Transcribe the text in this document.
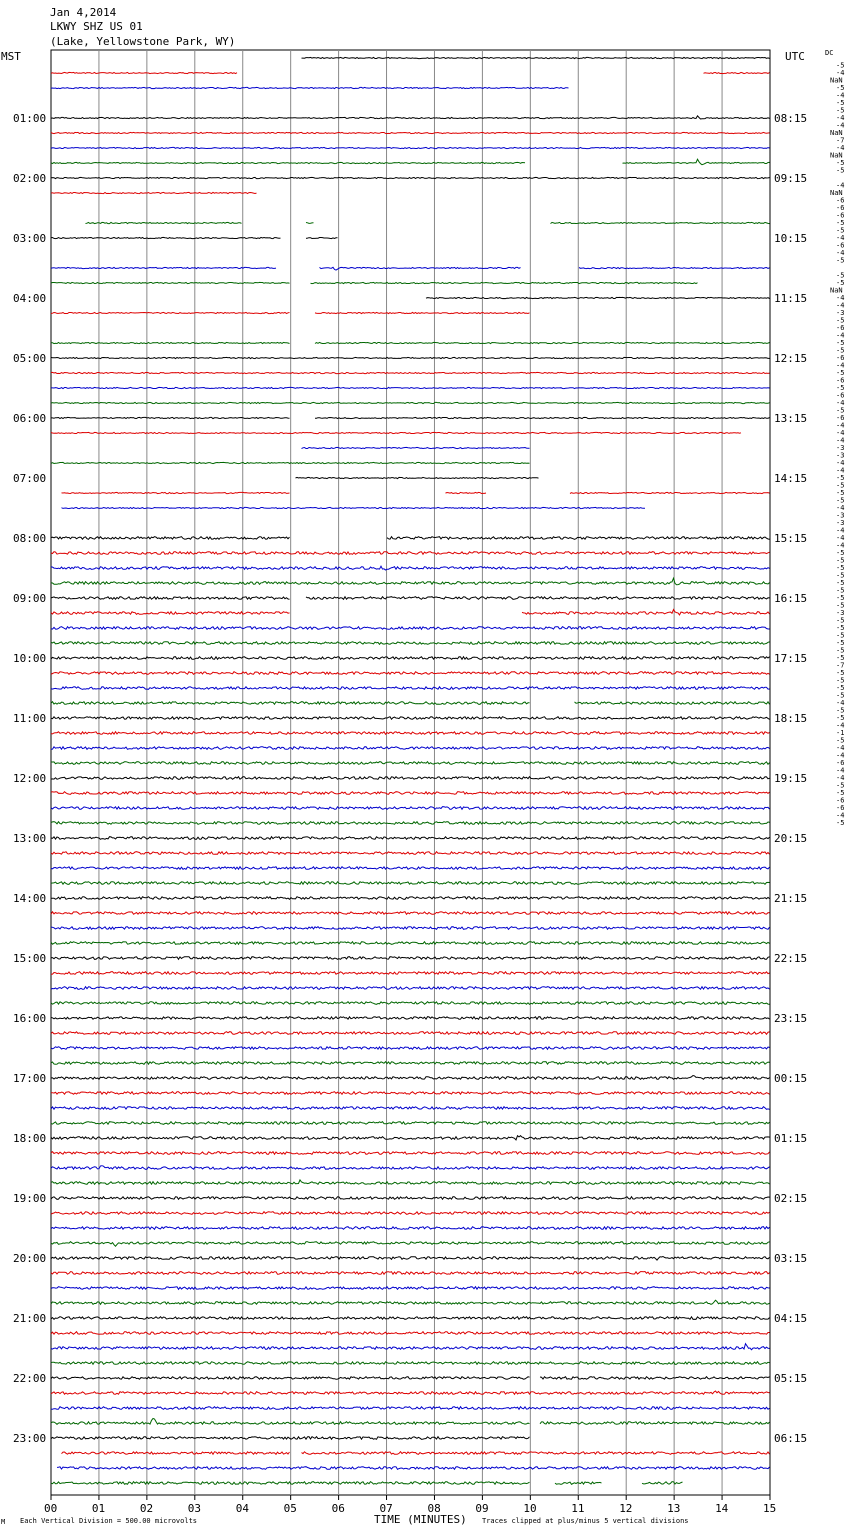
Jan 4,2014
LKWY SHZ US 01
(Lake, Yellowstone Park, WY)
MST	UTC	DC
01:00
02:00
03:00
04:00
05:00
06:00
07:00
08:00
09:00
10:00
11:00
12:00
13:00
14:00
15:00
16:00
17:00
18:00
19:00
20:00
21:00
22:00
23:00
08:15
09:15
10:15
11:15
12:15
13:15
14:15
15:15
16:15
17:15
18:15
19:15
20:15
21:15
22:15
23:15
00:15
01:15
02:15
03:15
04:15
05:15
06:15
-5
-4
NaN
-5
-4
-5
-5
-4
-4
NaN
-7
-4
NaN
-5
-5
-4
NaN
-6
-6
-6
-5
-5
-4
-6
-4
-5
-5
-5
NaN
-4
-4
-3
-5
-6
-4
-5
-5
-6
-4
-5
-6
-5
-6
-4
-5
-6
-4
-4
-4
-3
-3
-4
-4
-5
-5
-5
-5
-4
-3
-3
-4
-4
-4
-5
-5
-5
-5
-5
-5
-5
-5
-3
-5
-5
-5
-5
-5
-5
-7
-5
-5
-5
-5
-4
-5
-5
-4
-1
-5
-4
-4
-6
-4
-4
-5
-5
-6
-6
-4
-5
00	01	02	03	04	05	06	07	08	09	10	11	12	13	14	15
M Each Vertical Division = 500.00 microvolts	TIME (MINUTES) Traces clipped at plus/minus 5 vertical divisions
